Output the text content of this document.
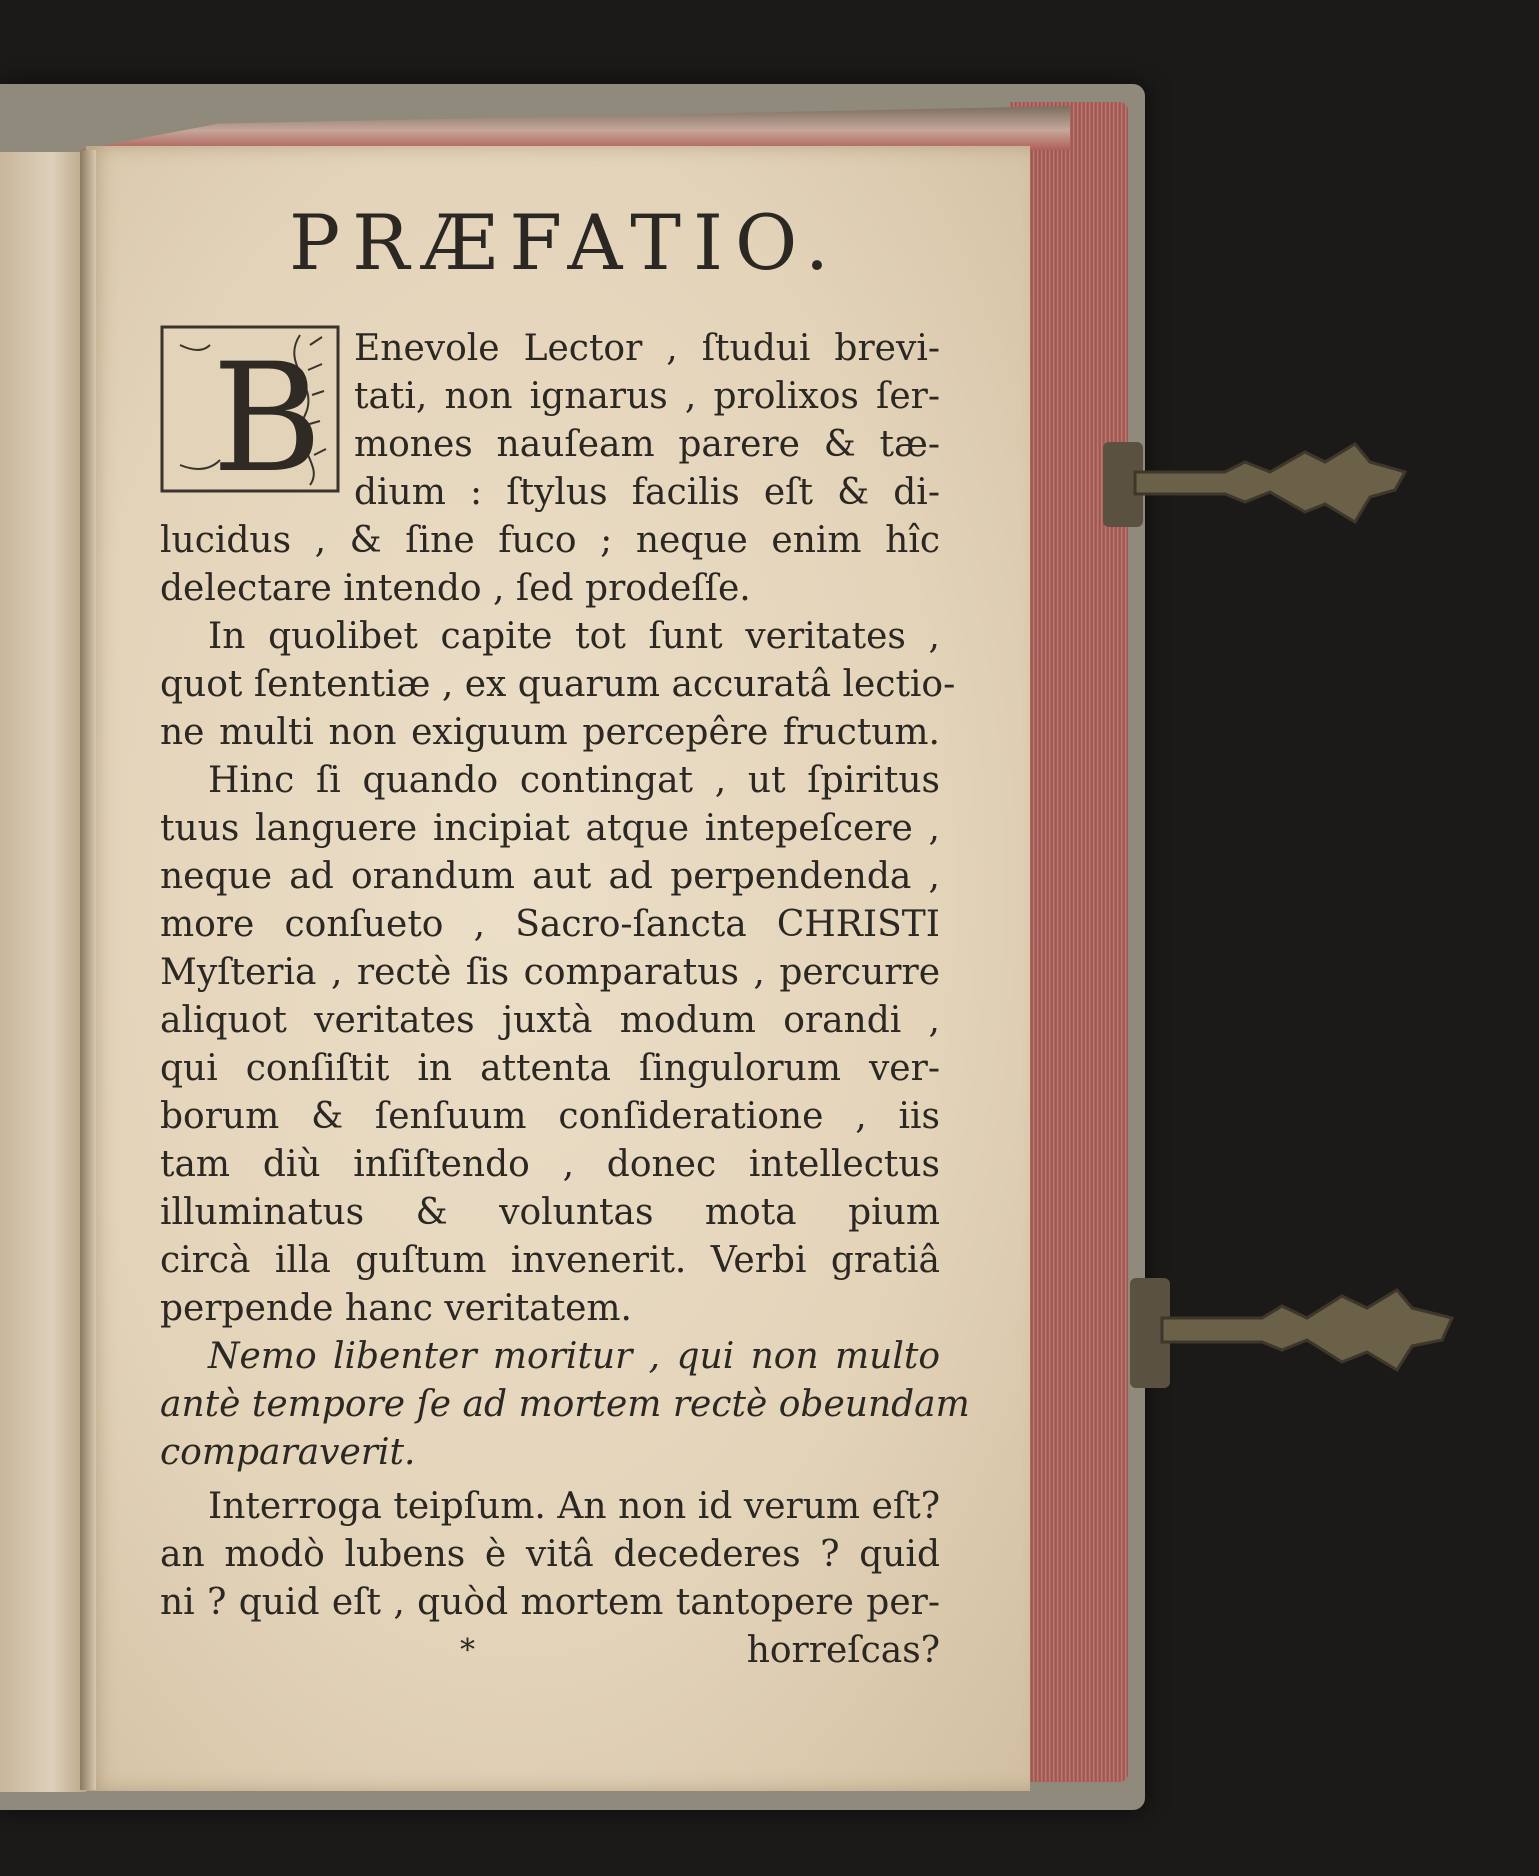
PRÆFATIO.
B Enevole Lector , ſtudui brevi-
tati, non ignarus , prolixos ſer-
mones nauſeam parere & tæ-
dium : ſtylus facilis eſt & di-
lucidus , & ſine fuco ; neque enim hîc
delectare intendo , ſed prodeſſe.
In quolibet capite tot ſunt veritates ,
quot ſententiæ , ex quarum accuratâ lectio-
ne multi non exiguum percepêre fructum.
Hinc ſi quando contingat , ut ſpiritus
tuus languere incipiat atque intepeſcere ,
neque ad orandum aut ad perpendenda ,
more conſueto , Sacro-ſancta CHRISTI
Myſteria , rectè ſis comparatus , percurre
aliquot veritates juxtà modum orandi ,
qui conſiſtit in attenta ſingulorum ver-
borum & ſenſuum conſideratione , iis
tam diù inſiſtendo , donec intellectus
illuminatus & voluntas mota pium
circà illa guſtum invenerit. Verbi gratiâ
perpende hanc veritatem.
Nemo libenter moritur , qui non multo
antè tempore ſe ad mortem rectè obeundam
comparaverit.
Interroga teipſum. An non id verum eſt?
an modò lubens è vitâ decederes ? quid
ni ? quid eſt , quòd mortem tantopere per-
*	horreſcas?
